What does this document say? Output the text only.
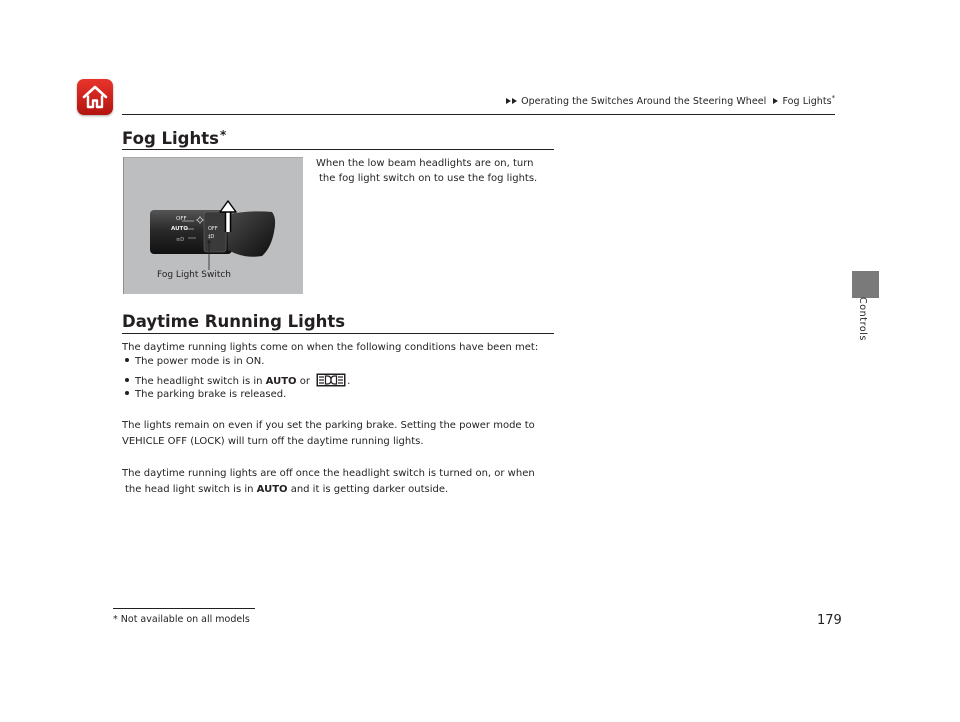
Operating the Switches Around the Steering Wheel Fog Lights*
Controls
Fog Lights*
OFF
AUTO
≡D
OFF
‡D
Fog Light Switch
When the low beam headlights are on, turn
the fog light switch on to use the fog lights.
Daytime Running Lights
The daytime running lights come on when the following conditions have been met:
The power mode is in ON.
The headlight switch is in AUTO or	.
The parking brake is released.
The lights remain on even if you set the parking brake. Setting the power mode to
VEHICLE OFF (LOCK) will turn off the daytime running lights.
The daytime running lights are off once the headlight switch is turned on, or when
the head light switch is in AUTO and it is getting darker outside.
* Not available on all models	179
